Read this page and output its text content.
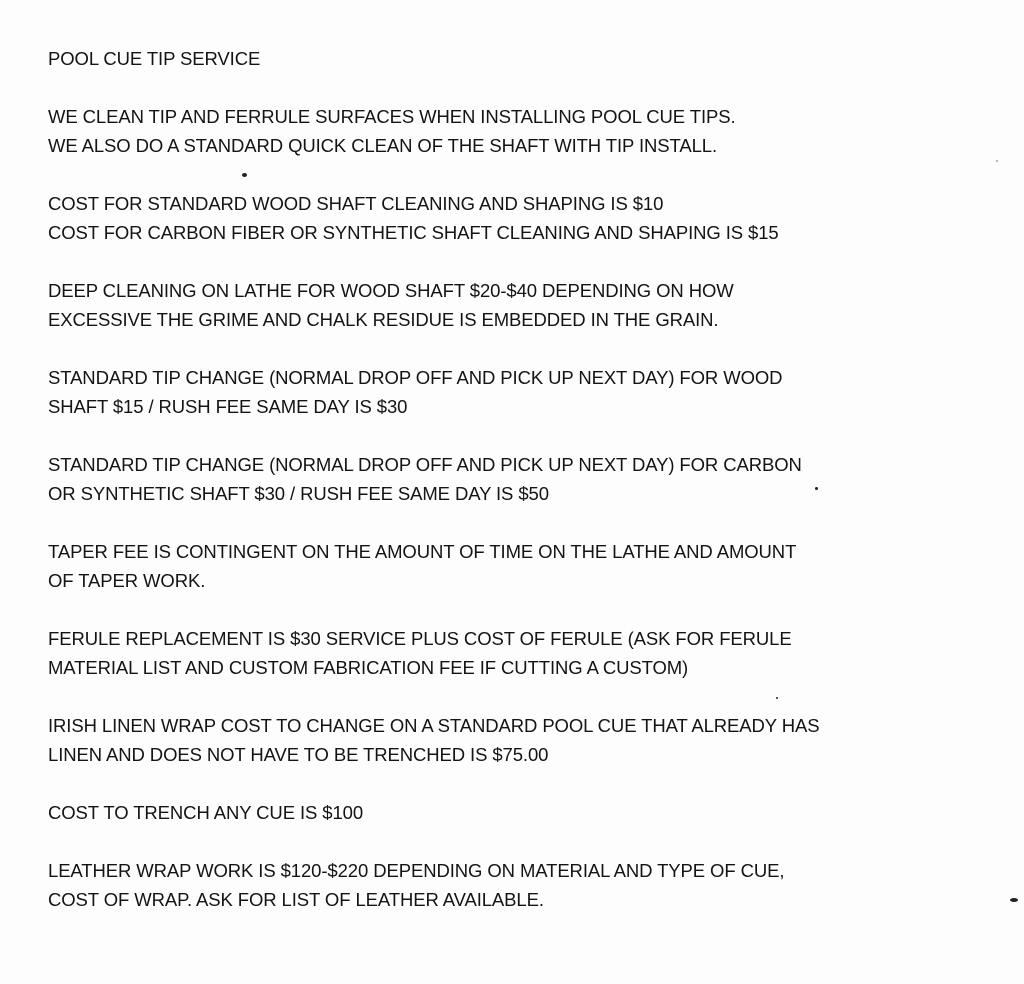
POOL CUE TIP SERVICE
WE CLEAN TIP AND FERRULE SURFACES WHEN INSTALLING POOL CUE TIPS.
WE ALSO DO A STANDARD QUICK CLEAN OF THE SHAFT WITH TIP INSTALL.
COST FOR STANDARD WOOD SHAFT CLEANING AND SHAPING IS $10
COST FOR CARBON FIBER OR SYNTHETIC SHAFT CLEANING AND SHAPING IS $15
DEEP CLEANING ON LATHE FOR WOOD SHAFT $20-$40 DEPENDING ON HOW
EXCESSIVE THE GRIME AND CHALK RESIDUE IS EMBEDDED IN THE GRAIN.
STANDARD TIP CHANGE (NORMAL DROP OFF AND PICK UP NEXT DAY) FOR WOOD
SHAFT $15 / RUSH FEE SAME DAY IS $30
STANDARD TIP CHANGE (NORMAL DROP OFF AND PICK UP NEXT DAY) FOR CARBON
OR SYNTHETIC SHAFT $30 / RUSH FEE SAME DAY IS $50
TAPER FEE IS CONTINGENT ON THE AMOUNT OF TIME ON THE LATHE AND AMOUNT
OF TAPER WORK.
FERULE REPLACEMENT IS $30 SERVICE PLUS COST OF FERULE (ASK FOR FERULE
MATERIAL LIST AND CUSTOM FABRICATION FEE IF CUTTING A CUSTOM)
IRISH LINEN WRAP COST TO CHANGE ON A STANDARD POOL CUE THAT ALREADY HAS
LINEN AND DOES NOT HAVE TO BE TRENCHED IS $75.00
COST TO TRENCH ANY CUE IS $100
LEATHER WRAP WORK IS $120-$220 DEPENDING ON MATERIAL AND TYPE OF CUE,
COST OF WRAP. ASK FOR LIST OF LEATHER AVAILABLE.
